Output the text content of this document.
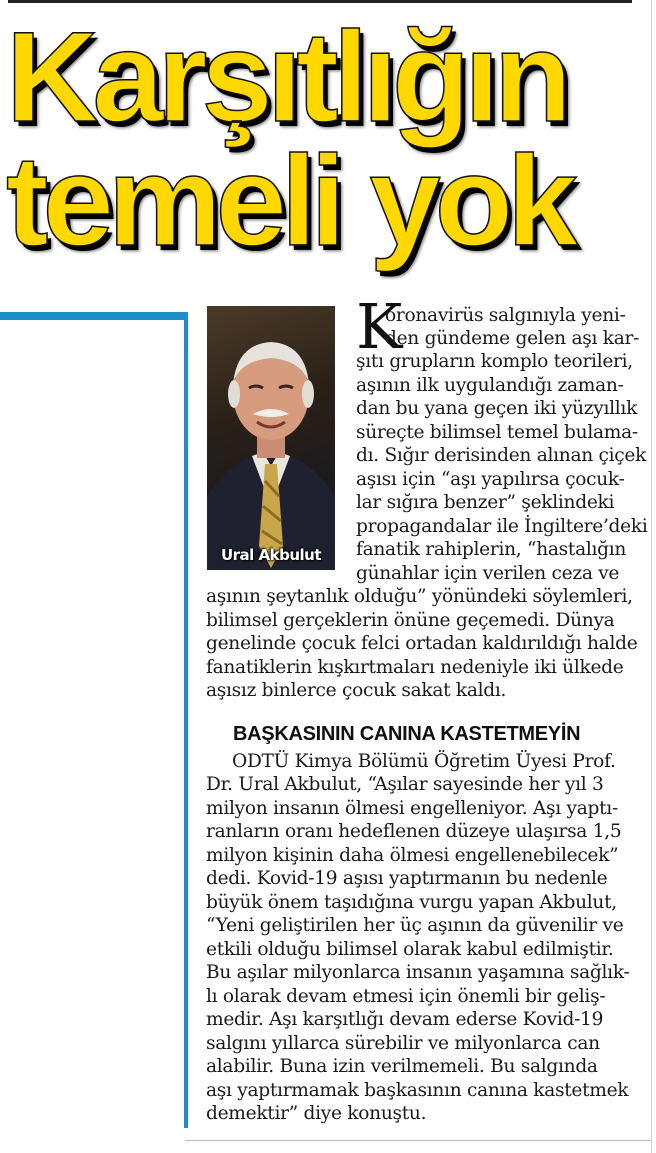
Karşıtlığın
temeli yok
Ural Akbulut
K
oronavirüs salgınıyla yeni-
den gündeme gelen aşı kar-
şıtı grupların komplo teorileri,
aşının ilk uygulandığı zaman-
dan bu yana geçen iki yüzyıllık
süreçte bilimsel temel bulama-
dı. Sığır derisinden alınan çiçek
aşısı için “aşı yapılırsa çocuk-
lar sığıra benzer” şeklindeki
propagandalar ile İngiltere’deki
fanatik rahiplerin, “hastalığın
günahlar için verilen ceza ve
aşının şeytanlık olduğu” yönündeki söylemleri,
bilimsel gerçeklerin önüne geçemedi. Dünya
genelinde çocuk felci ortadan kaldırıldığı halde
fanatiklerin kışkırtmaları nedeniyle iki ülkede
aşısız binlerce çocuk sakat kaldı.
BAŞKASININ CANINA KASTETMEYİN
ODTÜ Kimya Bölümü Öğretim Üyesi Prof.
Dr. Ural Akbulut, “Aşılar sayesinde her yıl 3
milyon insanın ölmesi engelleniyor. Aşı yaptı-
ranların oranı hedeflenen düzeye ulaşırsa 1,5
milyon kişinin daha ölmesi engellenebilecek”
dedi. Kovid-19 aşısı yaptırmanın bu nedenle
büyük önem taşıdığına vurgu yapan Akbulut,
“Yeni geliştirilen her üç aşının da güvenilir ve
etkili olduğu bilimsel olarak kabul edilmiştir.
Bu aşılar milyonlarca insanın yaşamına sağlık-
lı olarak devam etmesi için önemli bir geliş-
medir. Aşı karşıtlığı devam ederse Kovid-19
salgını yıllarca sürebilir ve milyonlarca can
alabilir. Buna izin verilmemeli. Bu salgında
aşı yaptırmamak başkasının canına kastetmek
demektir” diye konuştu.
